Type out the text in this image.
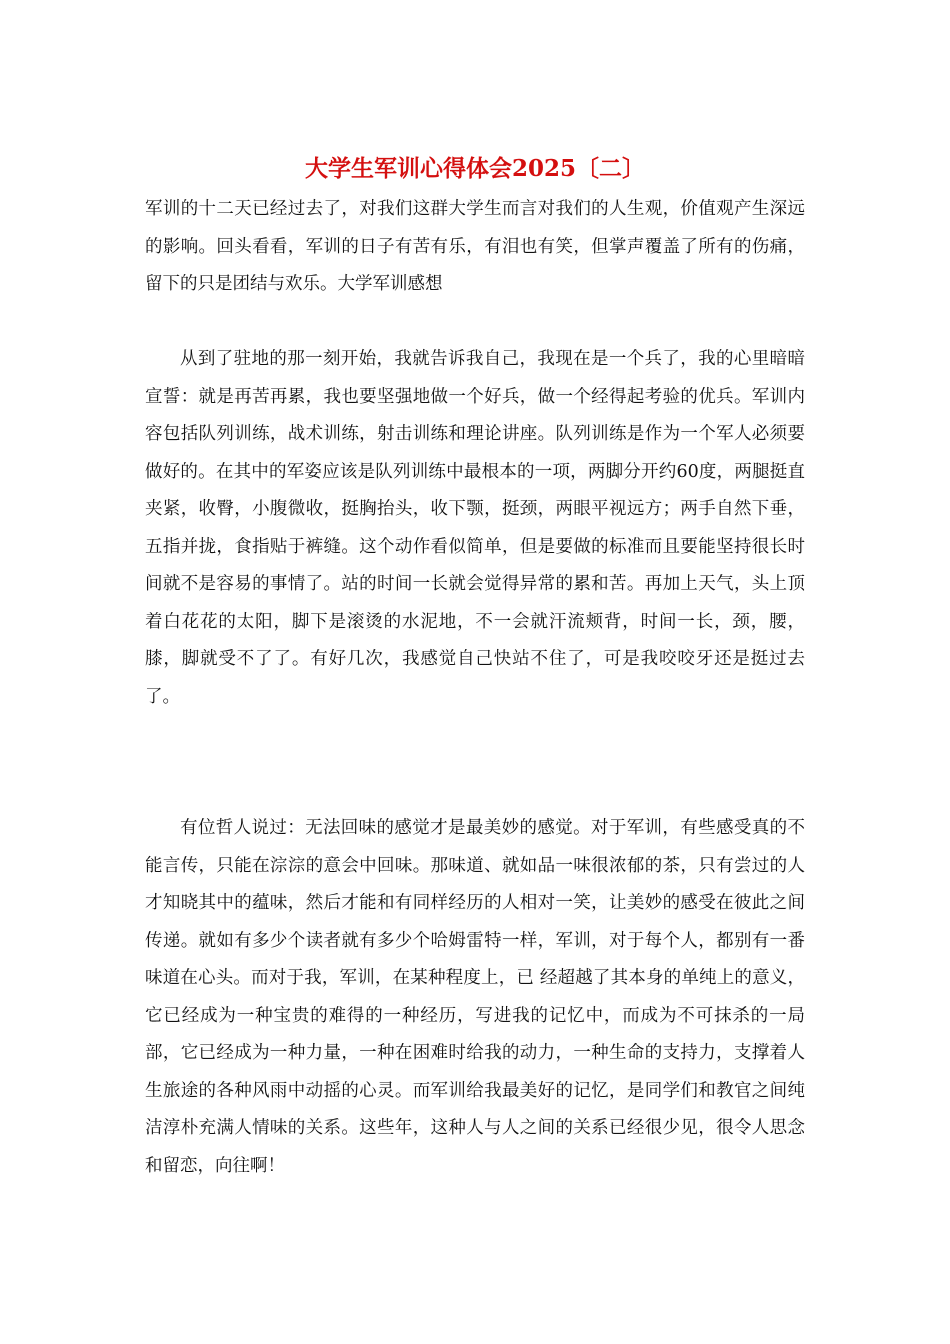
大学生军训心得体会2025〔二〕

军训的十二天已经过去了，对我们这群大学生而言对我们的人生观，价值观产生深远的影响。回头看看，军训的日子有苦有乐，有泪也有笑，但掌声覆盖了所有的伤痛，留下的只是团结与欢乐。大学军训感想

从到了驻地的那一刻开始，我就告诉我自己，我现在是一个兵了，我的心里暗暗宣誓：就是再苦再累，我也要坚强地做一个好兵，做一个经得起考验的优兵。军训内容包括队列训练，战术训练，射击训练和理论讲座。队列训练是作为一个军人必须要做好的。在其中的军姿应该是队列训练中最根本的一项，两脚分开约60度，两腿挺直夹紧，收臀，小腹微收，挺胸抬头，收下颚，挺颈，两眼平视远方；两手自然下垂，五指并拢，食指贴于裤缝。这个动作看似简单，但是要做的标准而且要能坚持很长时间就不是容易的事情了。站的时间一长就会觉得异常的累和苦。再加上天气，头上顶着白花花的太阳，脚下是滚烫的水泥地，不一会就汗流颊背，时间一长，颈，腰，膝，脚就受不了了。有好几次，我感觉自己快站不住了，可是我咬咬牙还是挺过去了。

有位哲人说过：无法回味的感觉才是最美妙的感觉。对于军训，有些感受真的不能言传，只能在淙淙的意会中回味。那味道、就如品一味很浓郁的茶，只有尝过的人才知晓其中的蕴味，然后才能和有同样经历的人相对一笑，让美妙的感受在彼此之间传递。就如有多少个读者就有多少个哈姆雷特一样，军训，对于每个人，都别有一番味道在心头。而对于我，军训，在某种程度上，已 经超越了其本身的单纯上的意义，它已经成为一种宝贵的难得的一种经历，写进我的记忆中，而成为不可抹杀的一局部，它已经成为一种力量，一种在困难时给我的动力，一种生命的支持力，支撑着人生旅途的各种风雨中动摇的心灵。而军训给我最美好的记忆，是同学们和教官之间纯洁淳朴充满人情味的关系。这些年，这种人与人之间的关系已经很少见，很令人思念和留恋，向往啊！
